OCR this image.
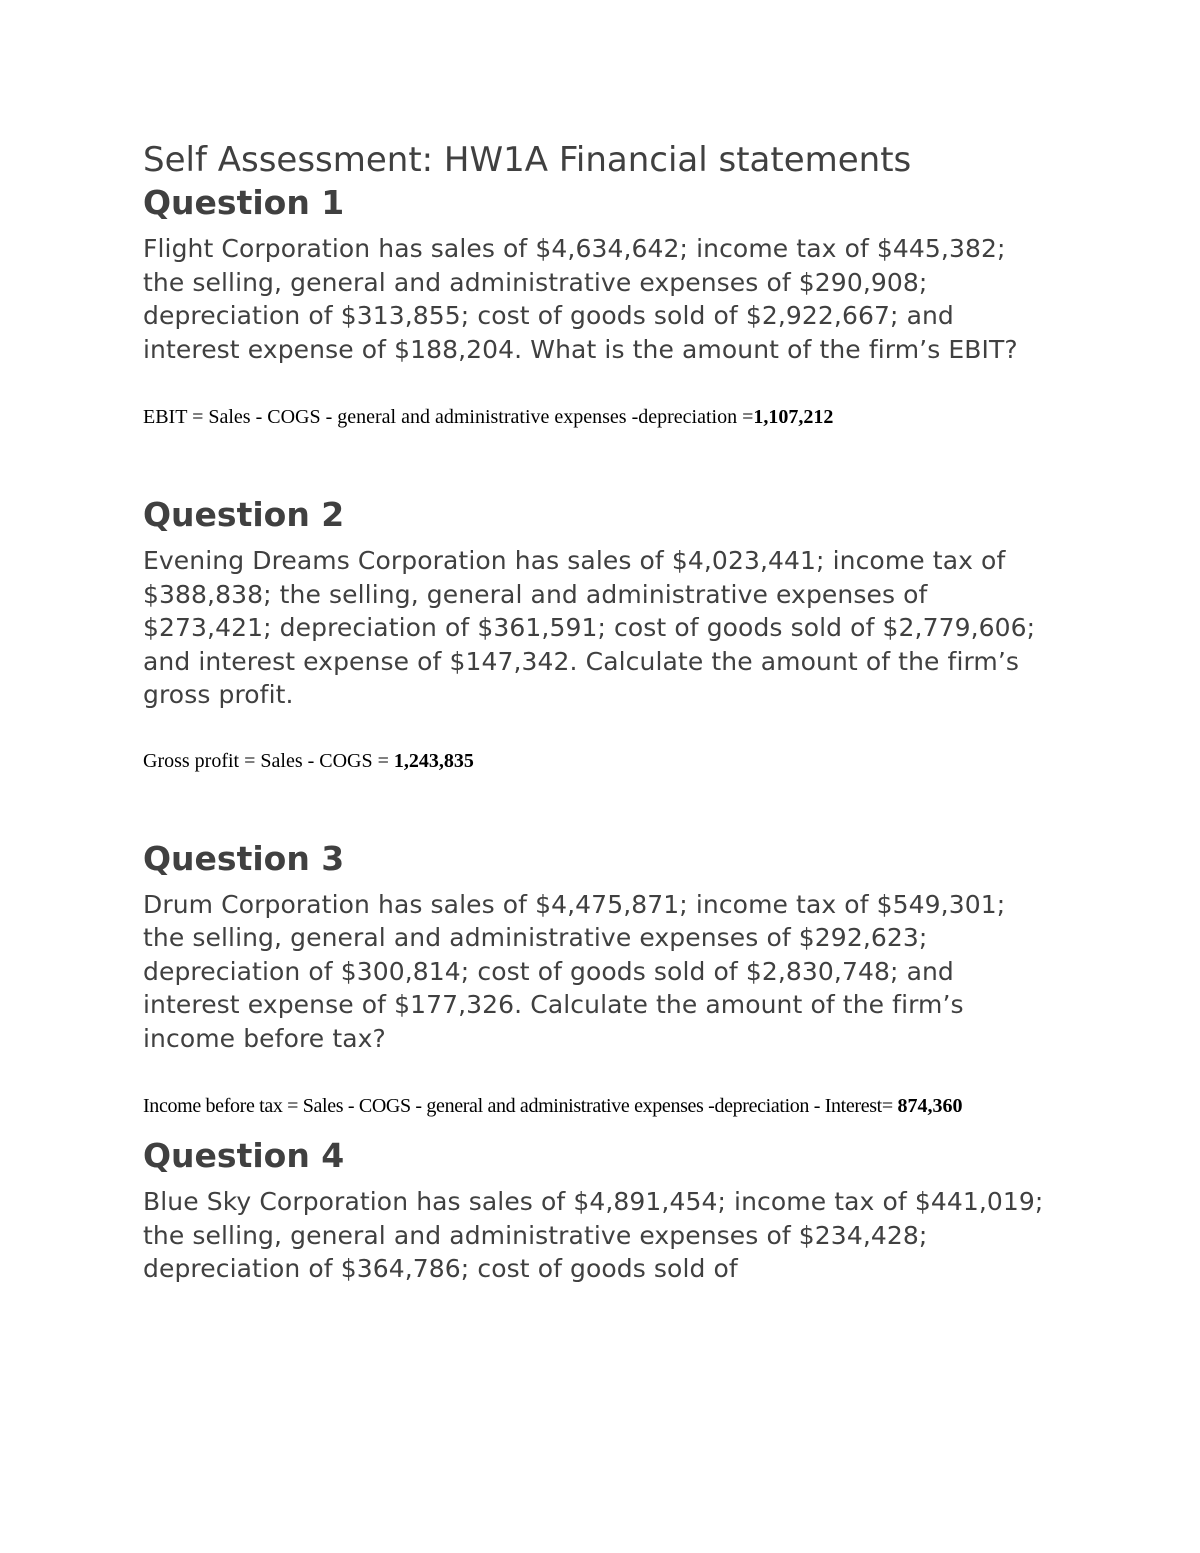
Self Assessment: HW1A Financial statements
Question 1

Flight Corporation has sales of $4,634,642; income tax of $445,382; the selling, general and administrative expenses of $290,908; depreciation of $313,855; cost of goods sold of $2,922,667; and interest expense of $188,204. What is the amount of the firm’s EBIT?

EBIT = Sales - COGS - general and administrative expenses -depreciation =1,107,212

Question 2

Evening Dreams Corporation has sales of $4,023,441; income tax of $388,838; the selling, general and administrative expenses of $273,421; depreciation of $361,591; cost of goods sold of $2,779,606; and interest expense of $147,342. Calculate the amount of the firm’s gross profit.

Gross profit = Sales - COGS = 1,243,835

Question 3

Drum Corporation has sales of $4,475,871; income tax of $549,301; the selling, general and administrative expenses of $292,623; depreciation of $300,814; cost of goods sold of $2,830,748; and interest expense of $177,326. Calculate the amount of the firm’s income before tax?

Income before tax = Sales - COGS - general and administrative expenses -depreciation - Interest= 874,360

Question 4

Blue Sky Corporation has sales of $4,891,454; income tax of $441,019; the selling, general and administrative expenses of $234,428; depreciation of $364,786; cost of goods sold of
